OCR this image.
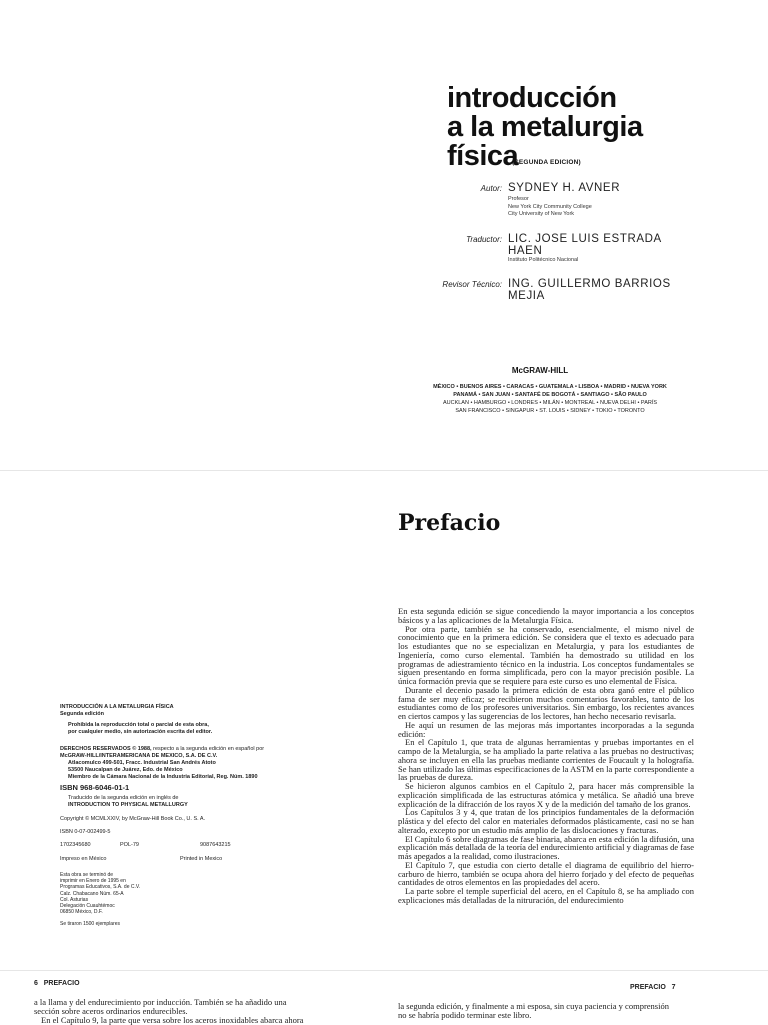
introducción
a la metalurgia
física
(SEGUNDA EDICION)
Autor: SYDNEY H. AVNER
Profesor
New York City Community College
City University of New York
Traductor: LIC. JOSE LUIS ESTRADA
HAEN
Instituto Politécnico Nacional
Revisor Técnico: ING. GUILLERMO BARRIOS
MEJIA
McGRAW-HILL
MÉXICO • BUENOS AIRES • CARACAS • GUATEMALA • LISBOA • MADRID • NUEVA YORK
PANAMÁ • SAN JUAN • SANTAFÉ DE BOGOTÁ • SANTIAGO • SÃO PAULO
AUCKLAN • HAMBURGO • LONDRES • MILÁN • MONTREAL • NUEVA DELHI • PARÍS
SAN FRANCISCO • SINGAPUR • ST. LOUIS • SIDNEY • TOKIO • TORONTO
Prefacio
INTRODUCCIÓN A LA METALURGIA FÍSICA
Segunda edición
Prohibida la reproducción total o parcial de esta obra,
por cualquier medio, sin autorización escrita del editor.
DERECHOS RESERVADOS © 1988, respecto a la segunda edición en español por
McGRAW-HILL/INTERAMERICANA DE MEXICO, S.A. DE C.V.
Atlacomulco 499-501, Fracc. Industrial San Andrés Atoto
53500 Naucalpan de Juárez, Edo. de México
Miembro de la Cámara Nacional de la Industria Editorial, Reg. Núm. 1890
ISBN 968-6046-01-1
Traducido de la segunda edición en inglés de
INTRODUCTION TO PHYSICAL METALLURGY
Copyright © MCMLXXIV, by McGraw-Hill Book Co., U. S. A.
ISBN 0-07-002499-5
1702345680	POL-79	9087643215
Impreso en México	Printed in Mexico
Esta obra se terminó de
imprimir en Enero de 1995 en
Programas Educativos, S.A. de C.V.
Calz. Chabacano Núm. 65-A
Col. Asturias
Delegación Cuauhtémoc
06850 México, D.F.
Se tiraron 1500 ejemplares

En esta segunda edición se sigue concediendo la mayor importancia a los conceptos básicos y a las aplicaciones de la Metalurgia Física.

Por otra parte, también se ha conservado, esencialmente, el mismo nivel de conocimiento que en la primera edición. Se considera que el texto es adecuado para los estudiantes que no se especializan en Metalurgia, y para los estudiantes de Ingeniería, como curso elemental. También ha demostrado su utilidad en los programas de adiestramiento técnico en la industria. Los conceptos fundamentales se siguen presentando en forma simplificada, pero con la mayor precisión posible. La única formación previa que se requiere para este curso es uno elemental de Física.

Durante el decenio pasado la primera edición de esta obra ganó entre el público fama de ser muy eficaz; se recibieron muchos comentarios favorables, tanto de los estudiantes como de los profesores universitarios. Sin embargo, los recientes avances en ciertos campos y las sugerencias de los lectores, han hecho necesario revisarla.

He aquí un resumen de las mejoras más importantes incorporadas a la segunda edición:

En el Capítulo 1, que trata de algunas herramientas y pruebas importantes en el campo de la Metalurgia, se ha ampliado la parte relativa a las pruebas no destructivas; ahora se incluyen en ella las pruebas mediante corrientes de Foucault y la holografía. Se han utilizado las últimas especificaciones de la ASTM en la parte correspondiente a las pruebas de dureza.

Se hicieron algunos cambios en el Capítulo 2, para hacer más comprensible la explicación simplificada de las estructuras atómica y metálica. Se añadió una breve explicación de la difracción de los rayos X y de la medición del tamaño de los granos.

Los Capítulos 3 y 4, que tratan de los principios fundamentales de la deformación plástica y del efecto del calor en materiales deformados plásticamente, casi no se han alterado, excepto por un estudio más amplio de las dislocaciones y fracturas.

El Capítulo 6 sobre diagramas de fase binaria, abarca en esta edición la difusión, una explicación más detallada de la teoría del endurecimiento artificial y diagramas de fase más apegados a la realidad, como ilustraciones.

El Capítulo 7, que estudia con cierto detalle el diagrama de equilibrio del hierro-carburo de hierro, también se ocupa ahora del hierro forjado y del efecto de pequeñas cantidades de otros elementos en las propiedades del acero.

La parte sobre el temple superficial del acero, en el Capítulo 8, se ha ampliado con explicaciones más detalladas de la nitruración, del endurecimiento

6   PREFACIO
PREFACIO   7
a la llama y del endurecimiento por inducción. También se ha añadido una
sección sobre aceros ordinarios endurecibles.
En el Capítulo 9, la parte que versa sobre los aceros inoxidables abarca ahora
la segunda edición, y finalmente a mi esposa, sin cuya paciencia y comprensión
no se habría podido terminar este libro.
